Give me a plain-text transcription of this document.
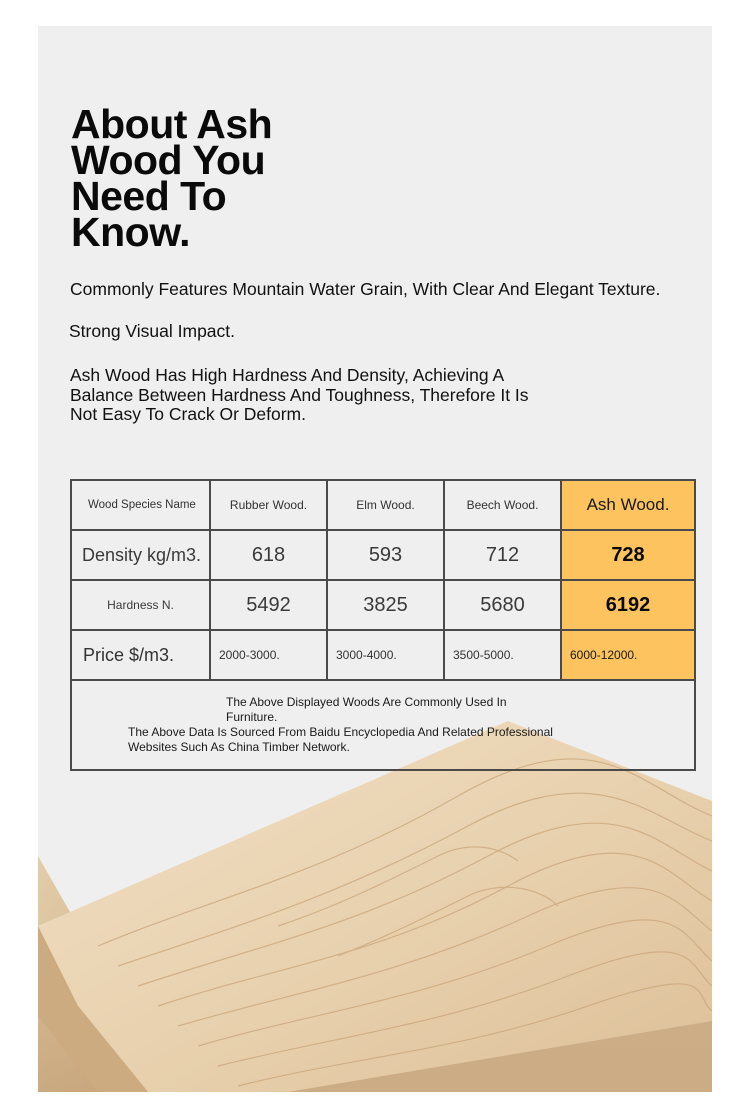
About Ash Wood You Need To Know.

Commonly Features Mountain Water Grain, With Clear And Elegant Texture.

Strong Visual Impact.

Ash Wood Has High Hardness And Density, Achieving A Balance Between Hardness And Toughness, Therefore It Is Not Easy To Crack Or Deform.

Wood Species Name	Rubber Wood.	Elm Wood.	Beech Wood.	Ash Wood.
Density kg/m3.	618	593	712	728
Hardness N.	5492	3825	5680	6192
Price $/m3.	2000-3000.	3000-4000.	3500-5000.	6000-12000.

The Above Displayed Woods Are Commonly Used In Furniture.
The Above Data Is Sourced From Baidu Encyclopedia And Related Professional Websites Such As China Timber Network.				
